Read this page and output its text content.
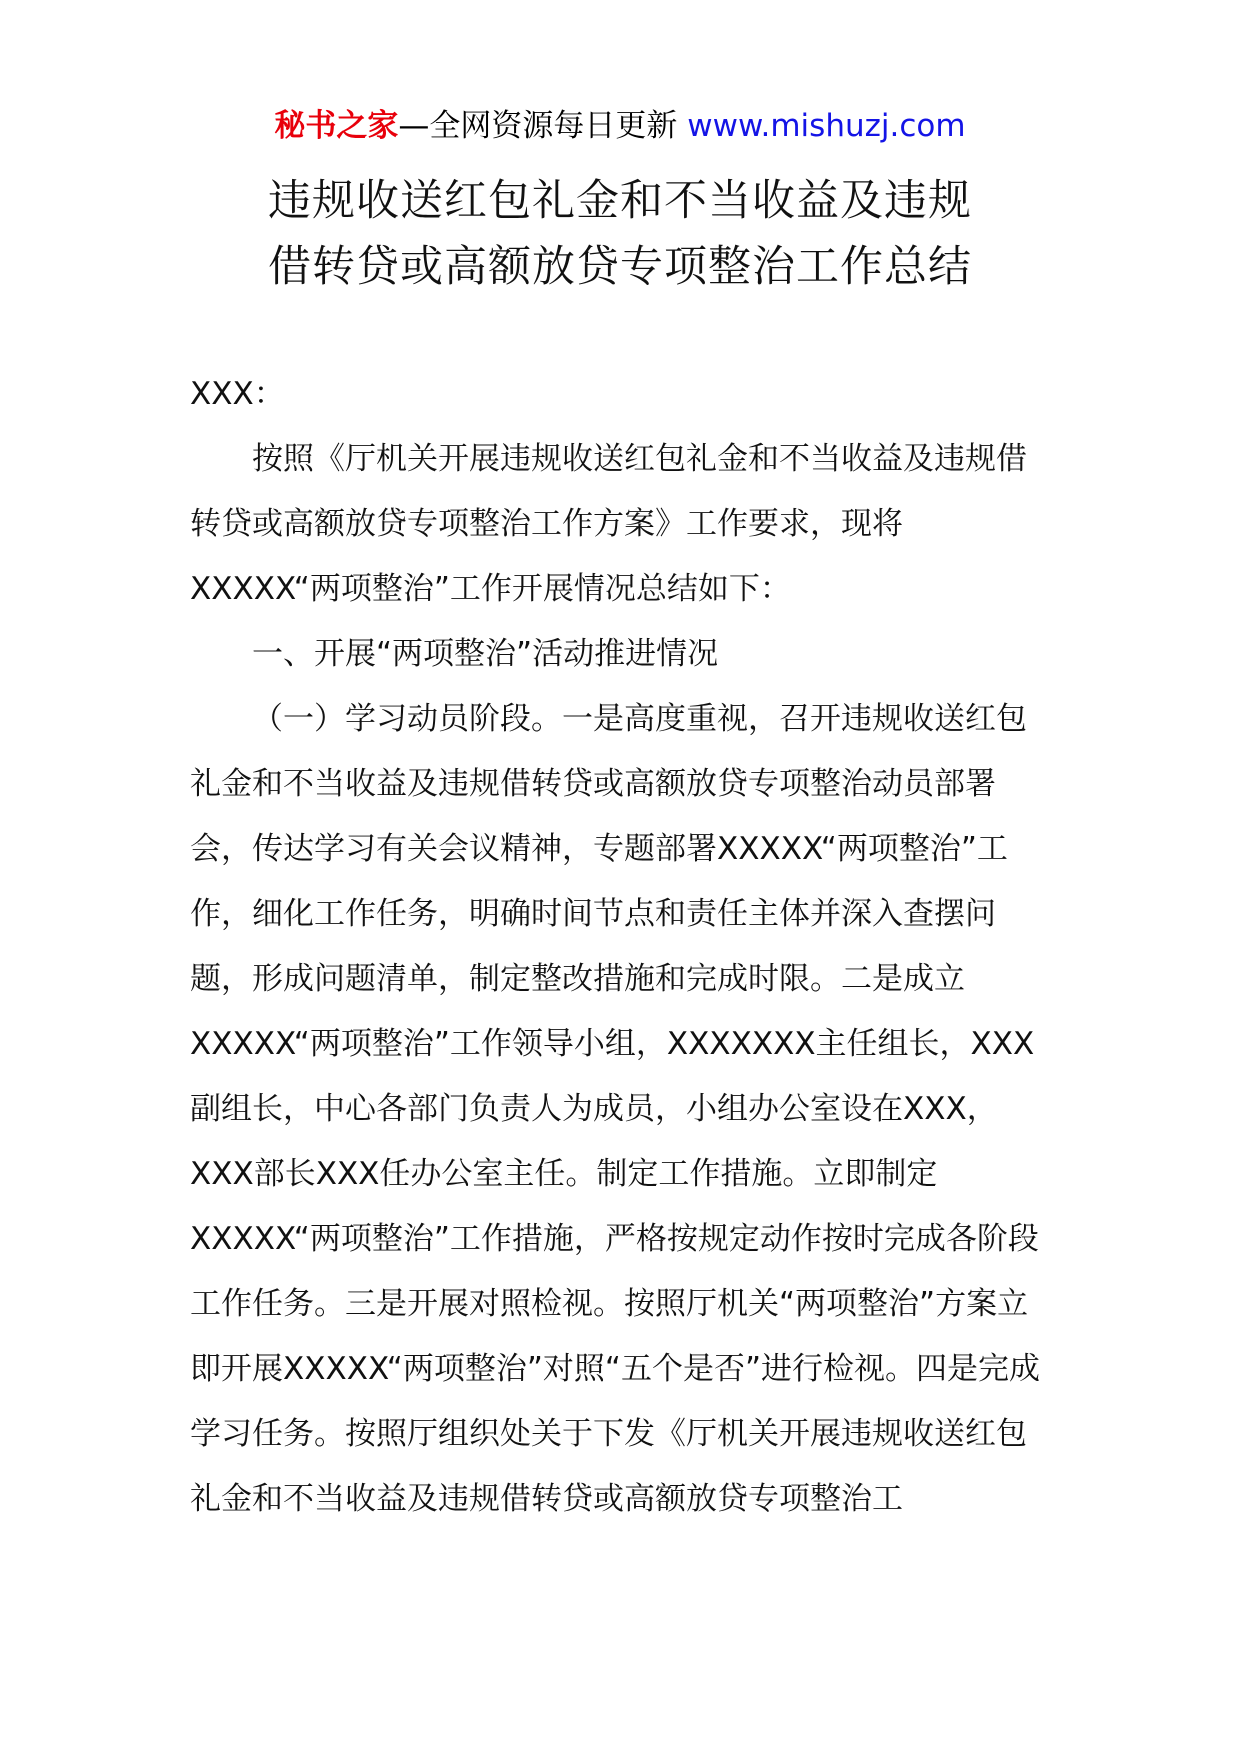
秘书之家—全网资源每日更新 www.mishuzj.com
违规收送红包礼金和不当收益及违规
借转贷或高额放贷专项整治工作总结

XXX：

按照《厅机关开展违规收送红包礼金和不当收益及违规借转贷或高额放贷专项整治工作方案》工作要求，现将XXXXX“两项整治”工作开展情况总结如下：

一、开展“两项整治”活动推进情况

（一）学习动员阶段。一是高度重视，召开违规收送红包礼金和不当收益及违规借转贷或高额放贷专项整治动员部署会，传达学习有关会议精神，专题部署XXXXX“两项整治”工作，细化工作任务，明确时间节点和责任主体并深入查摆问题，形成问题清单，制定整改措施和完成时限。二是成立XXXXX“两项整治”工作领导小组，XXXXXXX主任组长，XXX副组长，中心各部门负责人为成员，小组办公室设在XXX，XXX部长XXX任办公室主任。制定工作措施。立即制定XXXXX“两项整治”工作措施，严格按规定动作按时完成各阶段工作任务。三是开展对照检视。按照厅机关“两项整治”方案立即开展XXXXX“两项整治”对照“五个是否”进行检视。四是完成学习任务。按照厅组织处关于下发《厅机关开展违规收送红包礼金和不当收益及违规借转贷或高额放贷专项整治工
